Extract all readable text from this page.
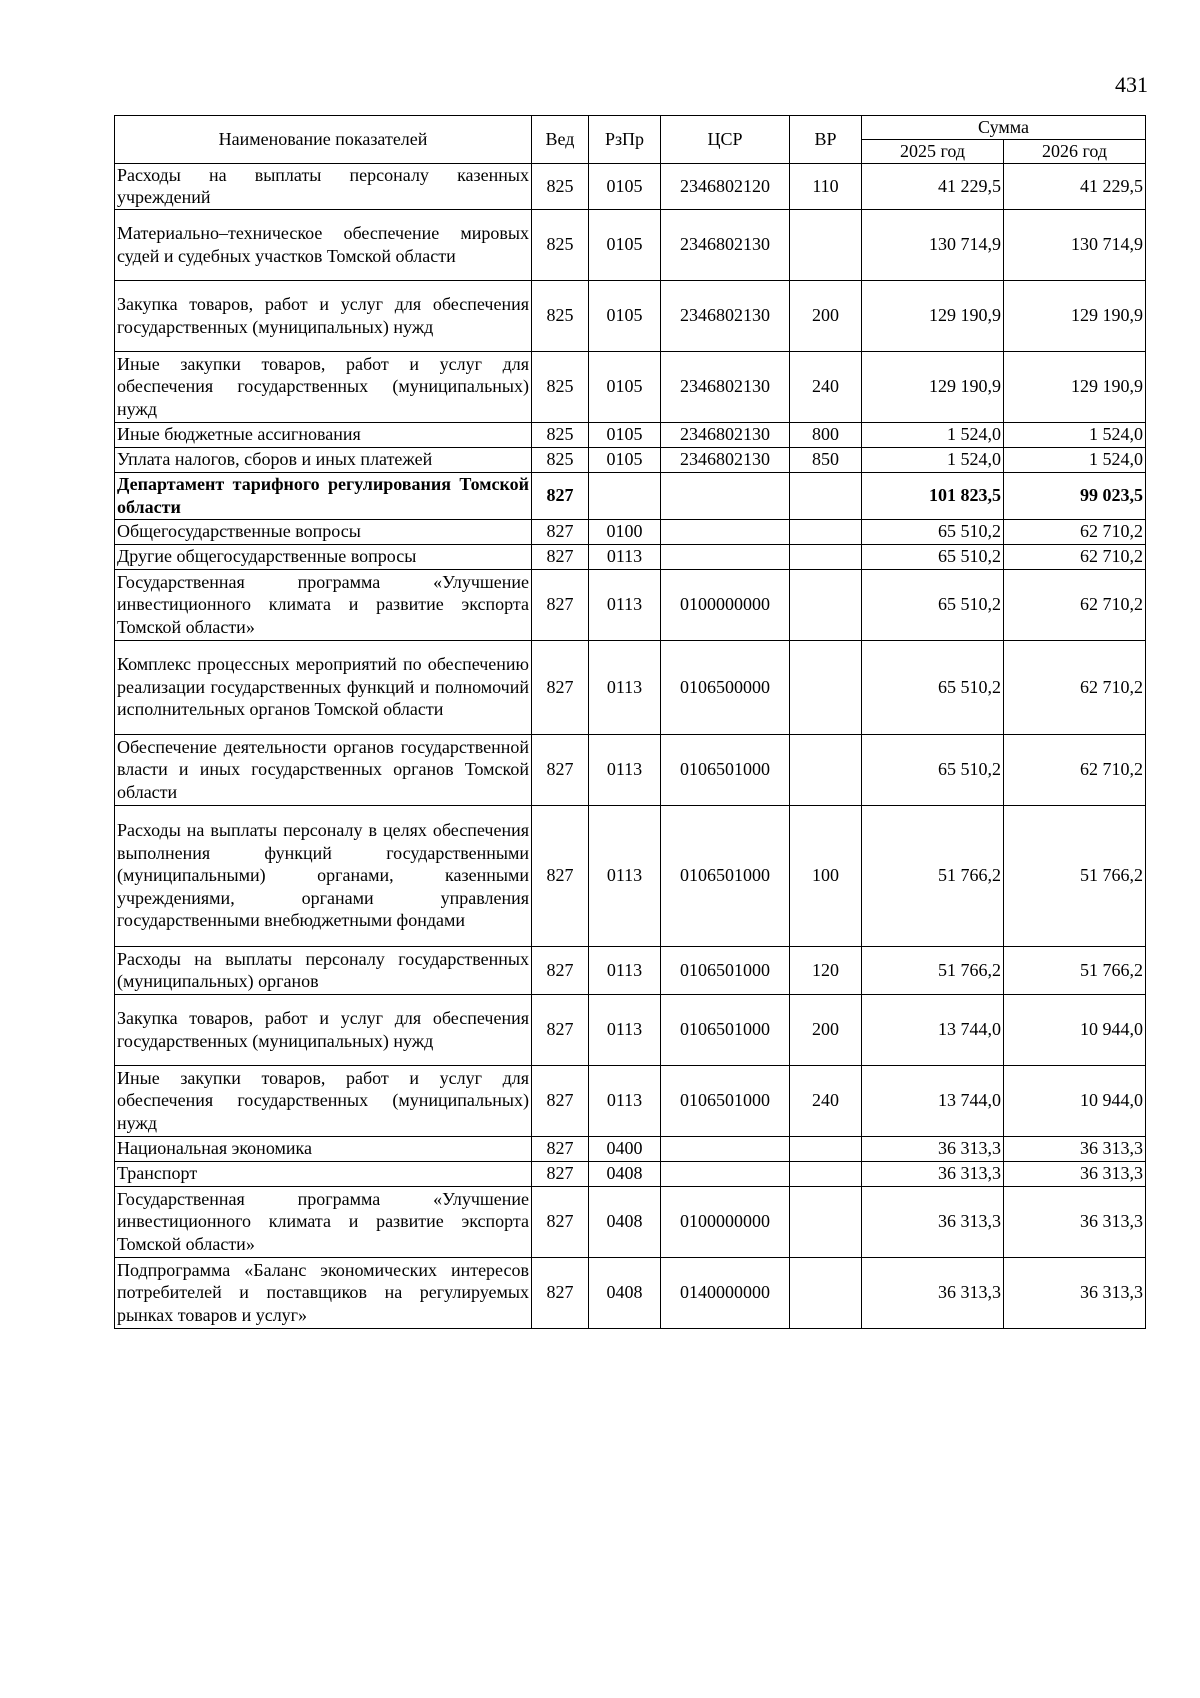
431
Наименование показателей	Вед	РзПр	ЦСР	ВР	Сумма	
					2025 год	2026 год
Расходы на выплаты персоналу казенных учреждений	825	0105	2346802120	110	41 229,5	41 229,5
Материально–техническое обеспечение мировых судей и судебных участков Томской области	825	0105	2346802130		130 714,9	130 714,9
Закупка товаров, работ и услуг для обеспечения государственных (муниципальных) нужд	825	0105	2346802130	200	129 190,9	129 190,9
Иные закупки товаров, работ и услуг для обеспечения государственных (муниципальных) нужд	825	0105	2346802130	240	129 190,9	129 190,9
Иные бюджетные ассигнования	825	0105	2346802130	800	1 524,0	1 524,0
Уплата налогов, сборов и иных платежей	825	0105	2346802130	850	1 524,0	1 524,0
Департамент тарифного регулирования Томской области	827				101 823,5	99 023,5
Общегосударственные вопросы	827	0100			65 510,2	62 710,2
Другие общегосударственные вопросы	827	0113			65 510,2	62 710,2
Государственная программа «Улучшение инвестиционного климата и развитие экспорта Томской области»	827	0113	0100000000		65 510,2	62 710,2
Комплекс процессных мероприятий по обеспечению реализации государственных функций и полномочий исполнительных органов Томской области	827	0113	0106500000		65 510,2	62 710,2
Обеспечение деятельности органов государственной власти и иных государственных органов Томской области	827	0113	0106501000		65 510,2	62 710,2
Расходы на выплаты персоналу в целях обеспечения выполнения функций государственными (муниципальными) органами, казенными учреждениями, органами управления государственными внебюджетными фондами	827	0113	0106501000	100	51 766,2	51 766,2
Расходы на выплаты персоналу государственных (муниципальных) органов	827	0113	0106501000	120	51 766,2	51 766,2
Закупка товаров, работ и услуг для обеспечения государственных (муниципальных) нужд	827	0113	0106501000	200	13 744,0	10 944,0
Иные закупки товаров, работ и услуг для обеспечения государственных (муниципальных) нужд	827	0113	0106501000	240	13 744,0	10 944,0
Национальная экономика	827	0400			36 313,3	36 313,3
Транспорт	827	0408			36 313,3	36 313,3
Государственная программа «Улучшение инвестиционного климата и развитие экспорта Томской области»	827	0408	0100000000		36 313,3	36 313,3
Подпрограмма «Баланс экономических интересов потребителей и поставщиков на регулируемых рынках товаров и услуг»	827	0408	0140000000		36 313,3	36 313,3
